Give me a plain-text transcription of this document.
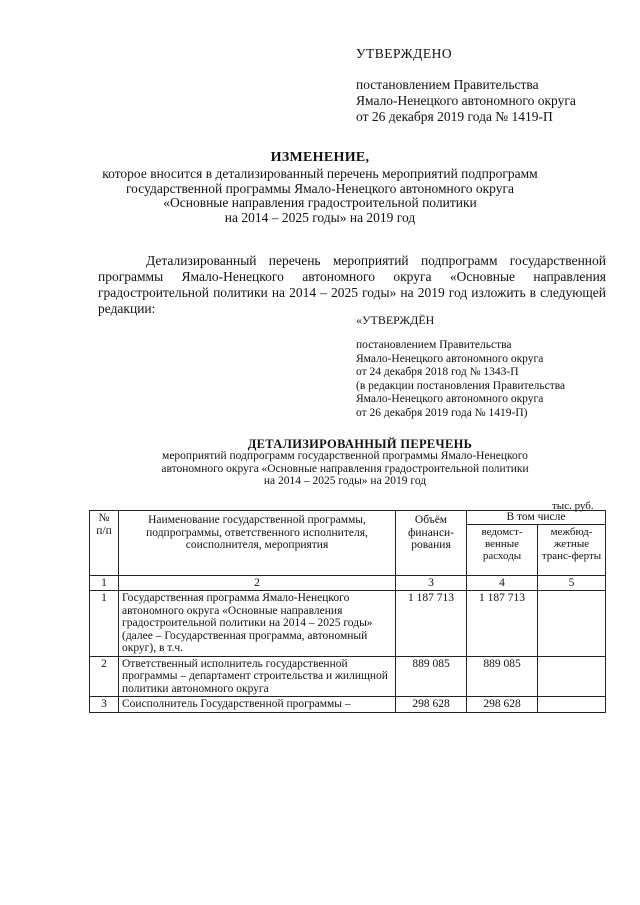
УТВЕРЖДЕНО
постановлением Правительства
Ямало-Ненецкого автономного округа
от 26 декабря 2019 года № 1419-П
ИЗМЕНЕНИЕ,
которое вносится в детализированный перечень мероприятий подпрограмм
государственной программы Ямало-Ненецкого автономного округа
«Основные направления градостроительной политики
на 2014 – 2025 годы» на 2019 год
Детализированный перечень мероприятий подпрограмм государственной программы Ямало-Ненецкого автономного округа «Основные направления градостроительной политики на 2014 – 2025 годы» на 2019 год изложить в следующей редакции:
«УТВЕРЖДЁН
постановлением Правительства
Ямало-Ненецкого автономного округа
от 24 декабря 2018 год № 1343-П
(в редакции постановления Правительства
Ямало-Ненецкого автономного округа
от 26 декабря 2019 года № 1419-П)
ДЕТАЛИЗИРОВАННЫЙ ПЕРЕЧЕНЬ
мероприятий подпрограмм государственной программы Ямало-Ненецкого
автономного округа «Основные направления градостроительной политики
на 2014 – 2025 годы» на 2019 год
тыс. руб.
№ п/п	Наименование государственной программы, подпрограммы, ответственного исполнителя, соисполнителя, мероприятия	Объём финанси-рования	В том числе	
			ведомст-венные расходы	межбюд-жетные транс-ферты
1	2	3	4	5
1	Государственная программа Ямало-Ненецкого автономного округа «Основные направления градостроительной политики на 2014 – 2025 годы» (далее – Государственная программа, автономный округ), в т.ч.	1 187 713	1 187 713	
2	Ответственный исполнитель государственной программы – департамент строительства и жилищной политики автономного округа	889 085	889 085	
3	Соисполнитель Государственной программы –	298 628	298 628	
